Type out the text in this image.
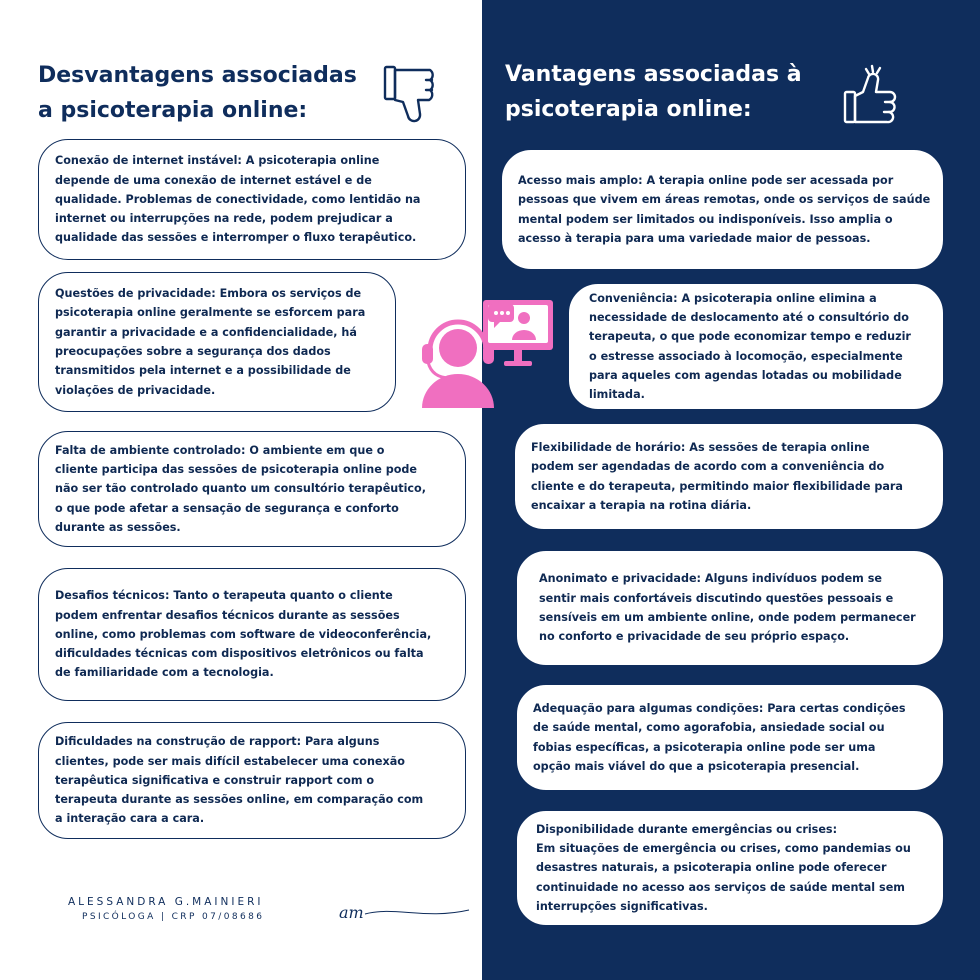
Desvantagens associadas
a psicoterapia online:
Vantagens associadas à
psicoterapia online:

Conexão de internet instável: A psicoterapia online
depende de uma conexão de internet estável e de
qualidade. Problemas de conectividade, como lentidão na
internet ou interrupções na rede, podem prejudicar a
qualidade das sessões e interromper o fluxo terapêutico.

Questões de privacidade: Embora os serviços de
psicoterapia online geralmente se esforcem para
garantir a privacidade e a confidencialidade, há
preocupações sobre a segurança dos dados
transmitidos pela internet e a possibilidade de
violações de privacidade.

Falta de ambiente controlado: O ambiente em que o
cliente participa das sessões de psicoterapia online pode
não ser tão controlado quanto um consultório terapêutico,
o que pode afetar a sensação de segurança e conforto
durante as sessões.

Desafios técnicos: Tanto o terapeuta quanto o cliente
podem enfrentar desafios técnicos durante as sessões
online, como problemas com software de videoconferência,
dificuldades técnicas com dispositivos eletrônicos ou falta
de familiaridade com a tecnologia.

Dificuldades na construção de rapport: Para alguns
clientes, pode ser mais difícil estabelecer uma conexão
terapêutica significativa e construir rapport com o
terapeuta durante as sessões online, em comparação com
a interação cara a cara.

Acesso mais amplo: A terapia online pode ser acessada por
pessoas que vivem em áreas remotas, onde os serviços de saúde
mental podem ser limitados ou indisponíveis. Isso amplia o
acesso à terapia para uma variedade maior de pessoas.

Conveniência: A psicoterapia online elimina a
necessidade de deslocamento até o consultório do
terapeuta, o que pode economizar tempo e reduzir
o estresse associado à locomoção, especialmente
para aqueles com agendas lotadas ou mobilidade
limitada.

Flexibilidade de horário: As sessões de terapia online
podem ser agendadas de acordo com a conveniência do
cliente e do terapeuta, permitindo maior flexibilidade para
encaixar a terapia na rotina diária.

Anonimato e privacidade: Alguns indivíduos podem se
sentir mais confortáveis discutindo questões pessoais e
sensíveis em um ambiente online, onde podem permanecer
no conforto e privacidade de seu próprio espaço.

Adequação para algumas condições: Para certas condições
de saúde mental, como agorafobia, ansiedade social ou
fobias específicas, a psicoterapia online pode ser uma
opção mais viável do que a psicoterapia presencial.

Disponibilidade durante emergências ou crises:
Em situações de emergência ou crises, como pandemias ou
desastres naturais, a psicoterapia online pode oferecer
continuidade no acesso aos serviços de saúde mental sem
interrupções significativas.

ALESSANDRA G.MAINIERI
PSICÓLOGA | CRP 07/08686	am
